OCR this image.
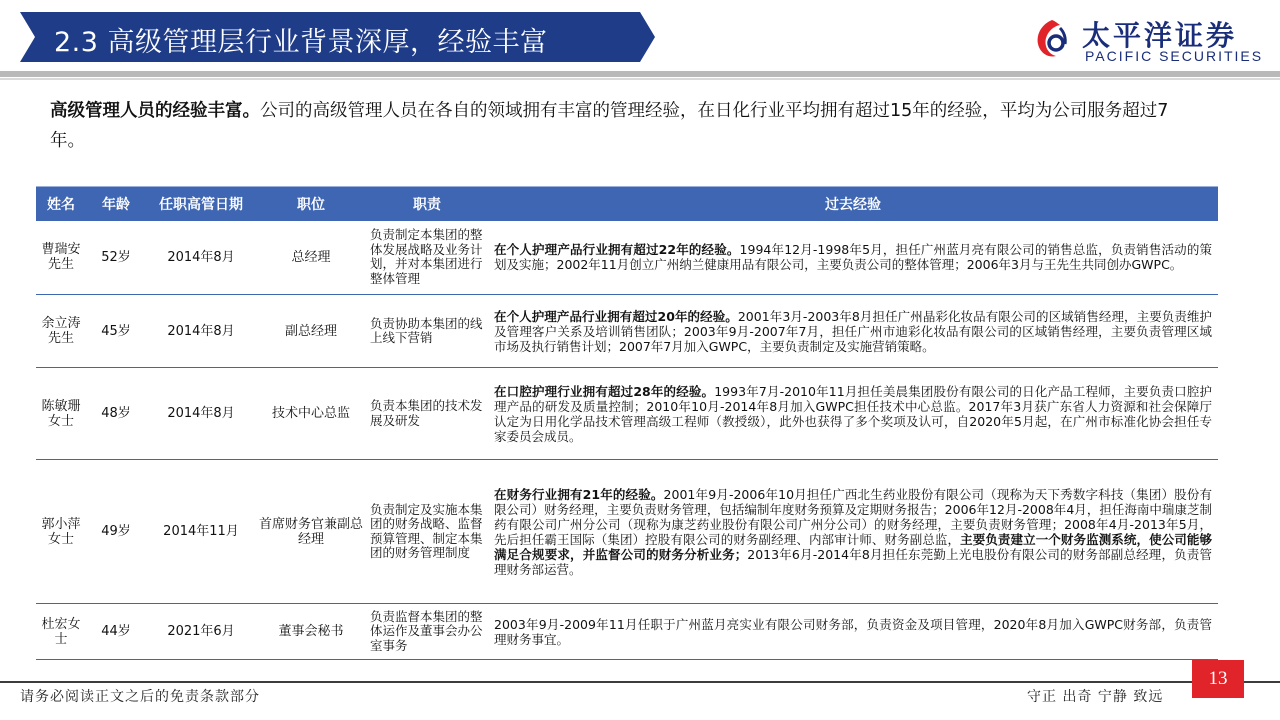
2.3 高级管理层行业背景深厚，经验丰富	太平洋证券
PACIFIC SECURITIES
高级管理人员的经验丰富。公司的高级管理人员在各自的领域拥有丰富的管理经验，在日化行业平均拥有超过15年的经验，平均为公司服务超过7年。
姓名	年龄	任职高管日期	职位	职责	过去经验
曹瑞安先生	52岁	2014年8月	总经理	负责制定本集团的整体发展战略及业务计划，并对本集团进行整体管理	在个人护理产品行业拥有超过22年的经验。1994年12月-1998年5月，担任广州蓝月亮有限公司的销售总监，负责销售活动的策划及实施；2002年11月创立广州纳兰健康用品有限公司，主要负责公司的整体管理；2006年3月与王先生共同创办GWPC。
余立涛先生	45岁	2014年8月	副总经理	负责协助本集团的线上线下营销	在个人护理产品行业拥有超过20年的经验。2001年3月-2003年8月担任广州晶彩化妆品有限公司的区域销售经理，主要负责维护及管理客户关系及培训销售团队；2003年9月-2007年7月，担任广州市迪彩化妆品有限公司的区域销售经理，主要负责管理区域市场及执行销售计划；2007年7月加入GWPC，主要负责制定及实施营销策略。
陈敏珊女士	48岁	2014年8月	技术中心总监	负责本集团的技术发展及研发	在口腔护理行业拥有超过28年的经验。1993年7月-2010年11月担任美晨集团股份有限公司的日化产品工程师，主要负责口腔护理产品的研发及质量控制；2010年10月-2014年8月加入GWPC担任技术中心总监。2017年3月获广东省人力资源和社会保障厅认定为日用化学品技术管理高级工程师（教授级），此外也获得了多个奖项及认可，自2020年5月起，在广州市标准化协会担任专家委员会成员。
郭小萍女士	49岁	2014年11月	首席财务官兼副总经理	负责制定及实施本集团的财务战略、监督预算管理、制定本集团的财务管理制度	在财务行业拥有21年的经验。2001年9月-2006年10月担任广西北生药业股份有限公司（现称为天下秀数字科技（集团）股份有限公司）财务经理，主要负责财务管理，包括编制年度财务预算及定期财务报告；2006年12月-2008年4月，担任海南中瑞康芝制药有限公司广州分公司（现称为康芝药业股份有限公司广州分公司）的财务经理，主要负责财务管理；2008年4月-2013年5月，先后担任霸王国际（集团）控股有限公司的财务副经理、内部审计师、财务副总监，主要负责建立一个财务监测系统，使公司能够满足合规要求，并监督公司的财务分析业务；2013年6月-2014年8月担任东莞勤上光电股份有限公司的财务部副总经理，负责管理财务部运营。
杜宏女士	44岁	2021年6月	董事会秘书	负责监督本集团的整体运作及董事会办公室事务	2003年9月-2009年11月任职于广州蓝月亮实业有限公司财务部，负责资金及项目管理，2020年8月加入GWPC财务部，负责管理财务事宜。
请务必阅读正文之后的免责条款部分	守正 出奇 宁静 致远
13
